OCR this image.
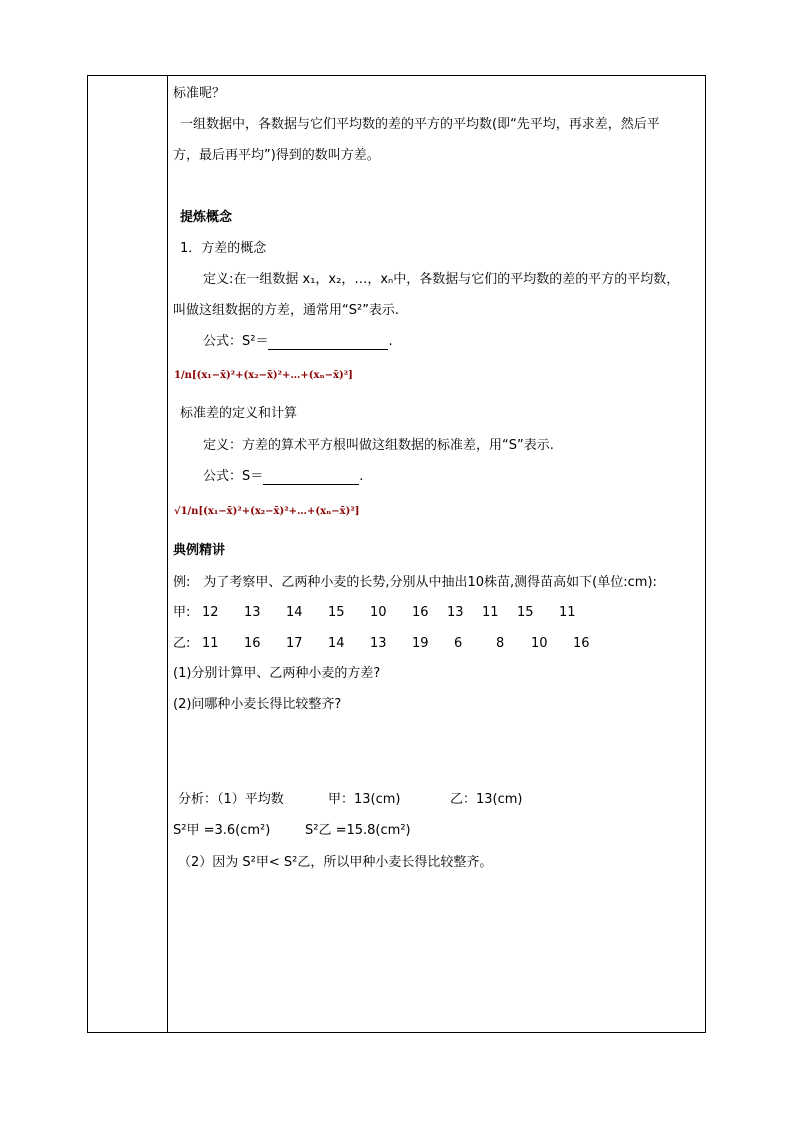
标准呢？
一组数据中，各数据与它们平均数的差的平方的平均数(即“先平均，再求差，然后平
方，最后再平均”)得到的数叫方差。
提炼概念
1．方差的概念
定义:在一组数据 x₁，x₂，…，xₙ中，各数据与它们的平均数的差的平方的平均数，
叫做这组数据的方差，通常用“S²”表示.
公式：S²＝	.
1/n[(x₁−x̄)²+(x₂−x̄)²+…+(xₙ−x̄)²]
标准差的定义和计算
定义：方差的算术平方根叫做这组数据的标准差，用“S”表示.
公式：S＝	.
√1/n[(x₁−x̄)²+(x₂−x̄)²+…+(xₙ−x̄)²]
典例精讲
例:　为了考察甲、乙两种小麦的长势,分别从中抽出10株苗,测得苗高如下(单位:cm):
甲: 12 13 14 15 10 16 13 11 15 11
乙: 11 16 17 14 13 19 6	8 10 16
(1)分别计算甲、乙两种小麦的方差?
(2)问哪种小麦长得比较整齐?
分析：（1）平均数	甲：13(cm)	乙：13(cm)
S²甲 =3.6(cm²)	S²乙 =15.8(cm²)
（2）因为 S²甲< S²乙，所以甲种小麦长得比较整齐。
